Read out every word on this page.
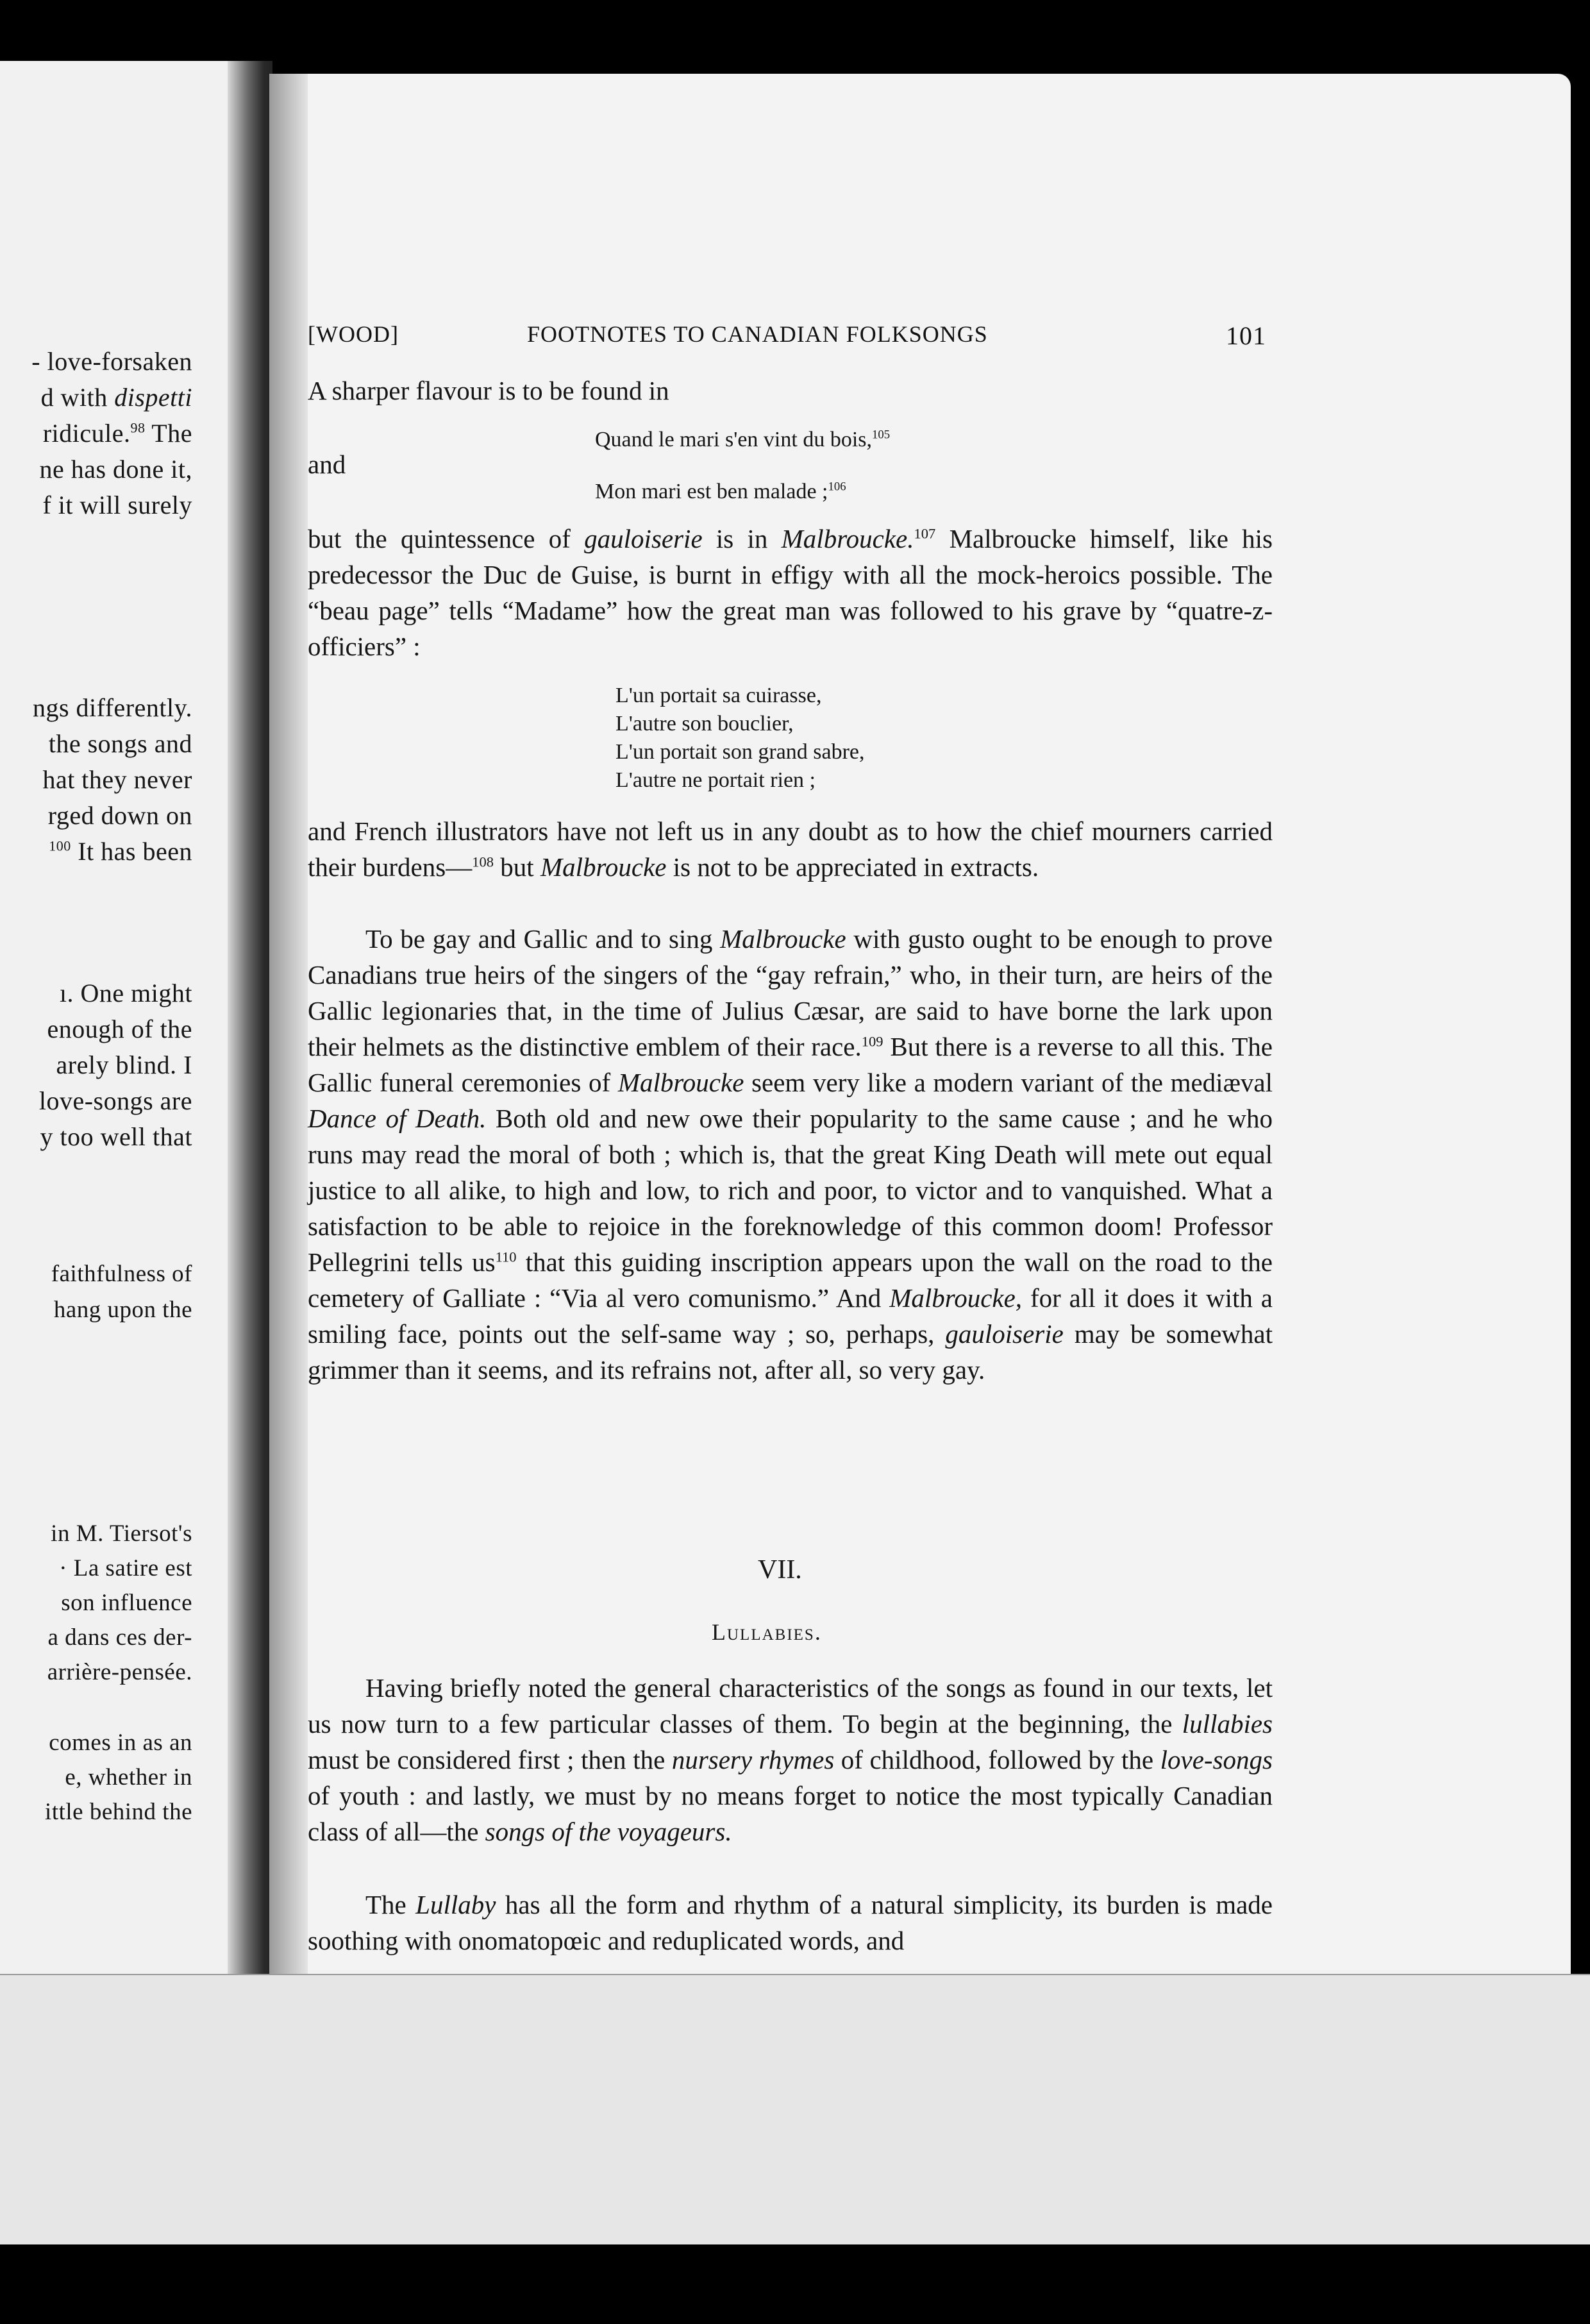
- love-forsaken
d with dispetti
ridicule.$^{98}$ The
ne has done it,
f it will surely
ngs differently.
the songs and
hat they never
rged down on
$^{100}$ It has been
ı. One might
enough of the
arely blind. I
love-songs are
y too well that
faithfulness of
hang upon the
in M. Tiersot's
· La satire est
son influence
a dans ces der-
arrière-pensée.
comes in as an
e, whether in
ittle behind the
[WOOD]	FOOTNOTES TO CANADIAN FOLKSONGS	101
A sharper flavour is to be found in
Quand le mari s'en vint du bois,$^{105}$
and
Mon mari est ben malade ;$^{106}$
but the quintessence of gauloiserie is in Malbroucke.$^{107}$ Malbroucke himself, like his predecessor the Duc de Guise, is burnt in effigy with all the mock-heroics possible. The “beau page” tells “Madame” how the great man was followed to his grave by “quatre-z-officiers” :
L'un portait sa cuirasse,
L'autre son bouclier,
L'un portait son grand sabre,
L'autre ne portait rien ;
and French illustrators have not left us in any doubt as to how the chief mourners carried their burdens—$^{108}$ but Malbroucke is not to be appreciated in extracts.
To be gay and Gallic and to sing Malbroucke with gusto ought to be enough to prove Canadians true heirs of the singers of the “gay refrain,” who, in their turn, are heirs of the Gallic legionaries that, in the time of Julius Cæsar, are said to have borne the lark upon their helmets as the distinctive emblem of their race.$^{109}$ But there is a reverse to all this. The Gallic funeral ceremonies of Malbroucke seem very like a modern variant of the mediæval Dance of Death. Both old and new owe their popularity to the same cause ; and he who runs may read the moral of both ; which is, that the great King Death will mete out equal justice to all alike, to high and low, to rich and poor, to victor and to vanquished. What a satisfaction to be able to rejoice in the foreknowledge of this common doom! Professor Pellegrini tells $us^{110}$ that this guiding inscription appears upon the wall on the road to the cemetery of Galliate : “Via al vero comunismo.” And Malbroucke, for all it does it with a smiling face, points out the self-same way ; so, perhaps, gauloiserie may be somewhat grimmer than it seems, and its refrains not, after all, so very gay.
VII.
Lullabies.
Having briefly noted the general characteristics of the songs as found in our texts, let us now turn to a few particular classes of them. To begin at the beginning, the lullabies must be considered first ; then the nursery rhymes of childhood, followed by the love-songs of youth : and lastly, we must by no means forget to notice the most typically Canadian class of all—the songs of the voyageurs.
The Lullaby has all the form and rhythm of a natural simplicity, its burden is made soothing with onomatopœic and reduplicated words, and
